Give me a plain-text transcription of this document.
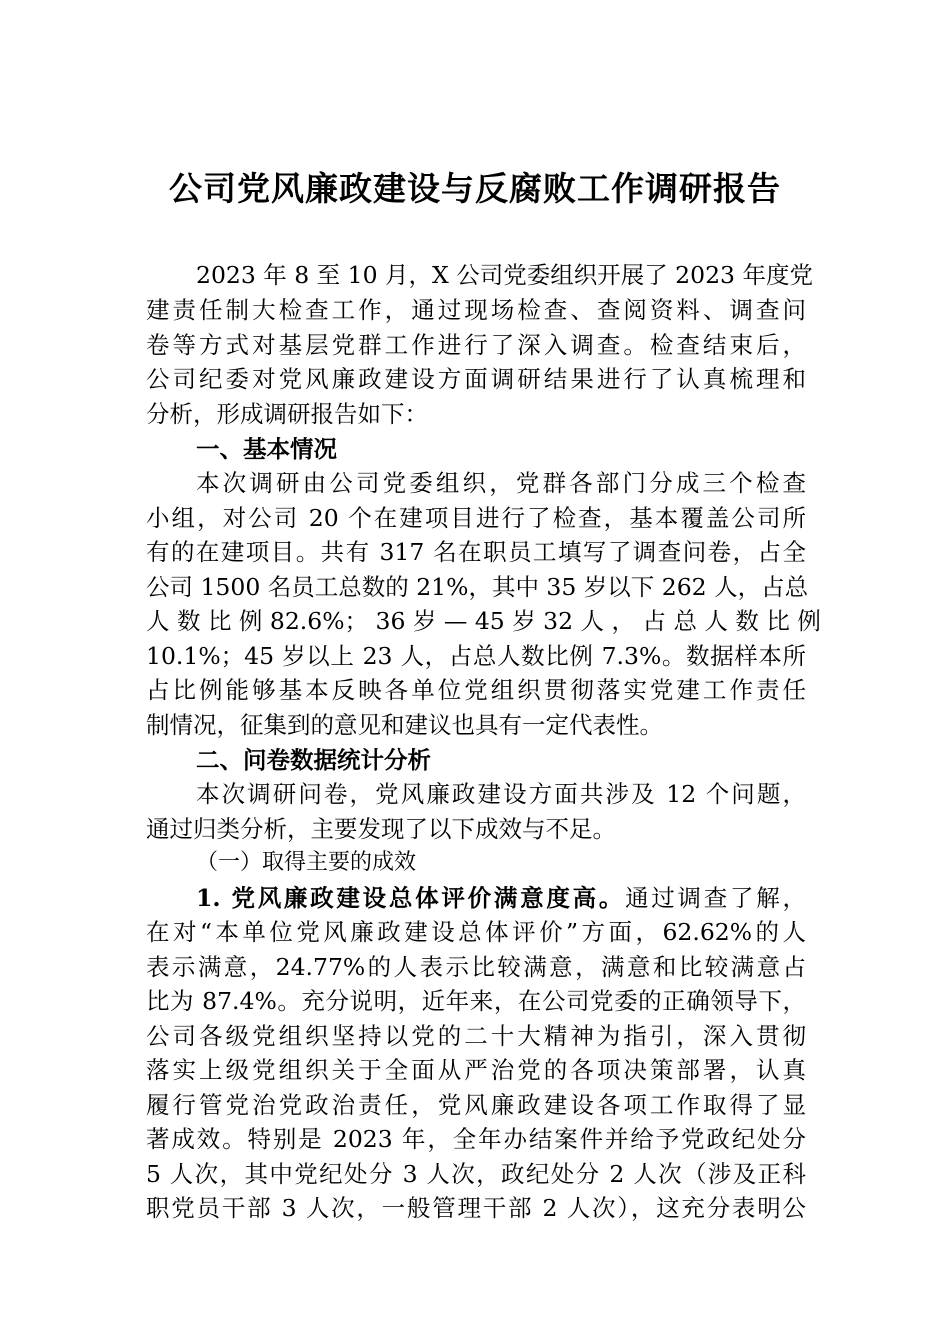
公司党风廉政建设与反腐败工作调研报告
2023 年 8 至 10 月，X 公司党委组织开展了 2023 年度党
建责任制大检查工作，通过现场检查、查阅资料、调查问
卷等方式对基层党群工作进行了深入调查。检查结束后，
公司纪委对党风廉政建设方面调研结果进行了认真梳理和
分析，形成调研报告如下：
一、基本情况
本次调研由公司党委组织，党群各部门分成三个检查
小组，对公司 20 个在建项目进行了检查，基本覆盖公司所
有的在建项目。共有 317 名在职员工填写了调查问卷，占全
公司 1500 名员工总数的 21%，其中 35 岁以下 262 人，占总
人 数 比 例 82.6%； 36 岁 — 45 岁 32 人 ， 占 总 人 数 比 例
10.1%；45 岁以上 23 人，占总人数比例 7.3%。数据样本所
占比例能够基本反映各单位党组织贯彻落实党建工作责任
制情况，征集到的意见和建议也具有一定代表性。
二、问卷数据统计分析
本次调研问卷，党风廉政建设方面共涉及 12 个问题，
通过归类分析，主要发现了以下成效与不足。
（一）取得主要的成效
1. 党风廉政建设总体评价满意度高。通过调查了解，
在对“本单位党风廉政建设总体评价”方面，62.62%的人
表示满意，24.77%的人表示比较满意，满意和比较满意占
比为 87.4%。充分说明，近年来，在公司党委的正确领导下，
公司各级党组织坚持以党的二十大精神为指引，深入贯彻
落实上级党组织关于全面从严治党的各项决策部署，认真
履行管党治党政治责任，党风廉政建设各项工作取得了显
著成效。特别是 2023 年，全年办结案件并给予党政纪处分
5 人次，其中党纪处分 3 人次，政纪处分 2 人次（涉及正科
职党员干部 3 人次，一般管理干部 2 人次），这充分表明公
